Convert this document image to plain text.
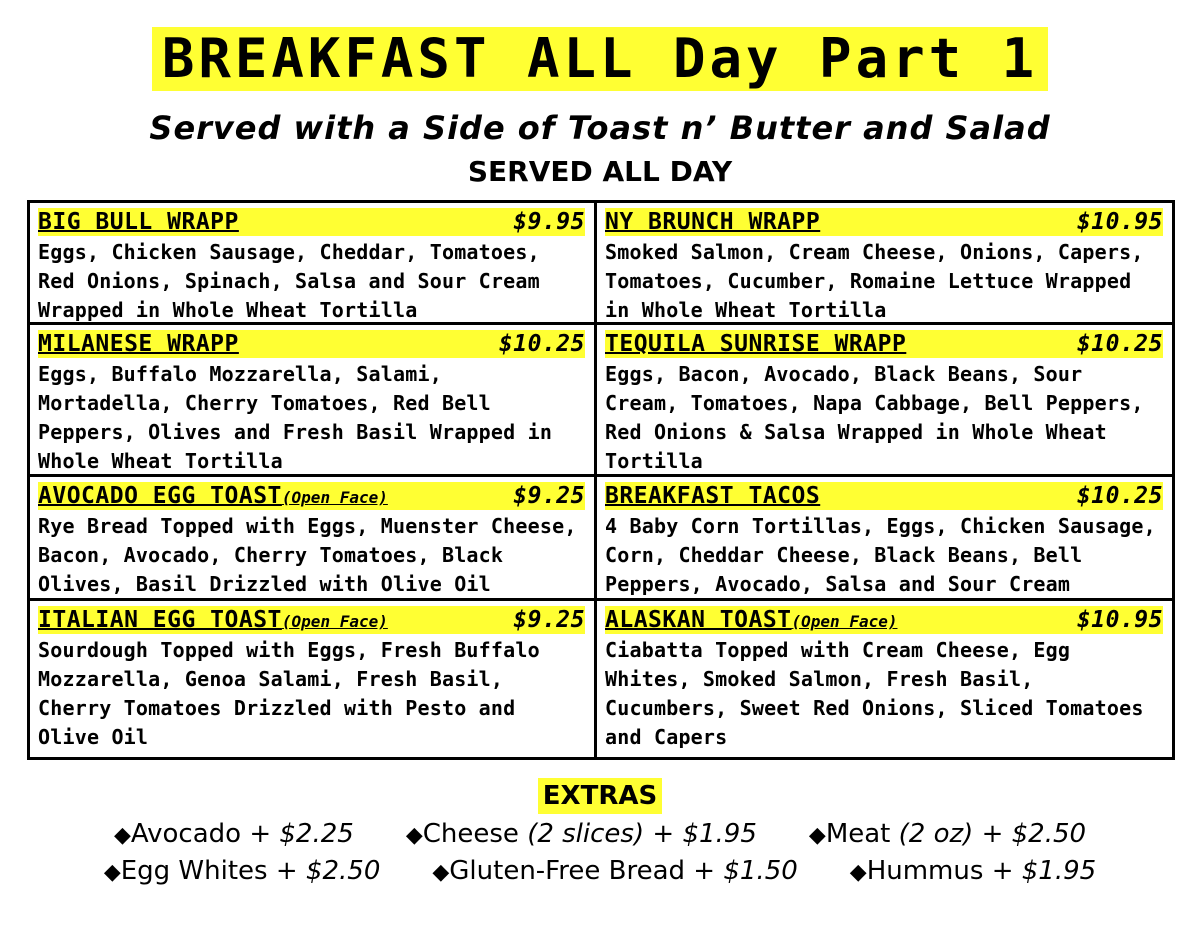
BREAKFAST ALL Day Part 1
Served with a Side of Toast n’ Butter and Salad
SERVED ALL DAY
BIG BULL WRAPP	$9.95
Eggs, Chicken Sausage, Cheddar, Tomatoes, Red Onions, Spinach, Salsa and Sour Cream Wrapped in Whole Wheat Tortilla
NY BRUNCH WRAPP	$10.95
Smoked Salmon, Cream Cheese, Onions, Capers, Tomatoes, Cucumber, Romaine Lettuce Wrapped in Whole Wheat Tortilla
MILANESE WRAPP	$10.25
Eggs, Buffalo Mozzarella, Salami, Mortadella, Cherry Tomatoes, Red Bell Peppers, Olives and Fresh Basil Wrapped in Whole Wheat Tortilla
TEQUILA SUNRISE WRAPP	$10.25
Eggs, Bacon, Avocado, Black Beans, Sour Cream, Tomatoes, Napa Cabbage, Bell Peppers, Red Onions & Salsa Wrapped in Whole Wheat Tortilla
AVOCADO EGG TOAST(Open Face)	$9.25
Rye Bread Topped with Eggs, Muenster Cheese, Bacon, Avocado, Cherry Tomatoes, Black Olives, Basil Drizzled with Olive Oil
BREAKFAST TACOS	$10.25
4 Baby Corn Tortillas, Eggs, Chicken Sausage, Corn, Cheddar Cheese, Black Beans, Bell Peppers, Avocado, Salsa and Sour Cream
ITALIAN EGG TOAST(Open Face)	$9.25
Sourdough Topped with Eggs, Fresh Buffalo Mozzarella, Genoa Salami, Fresh Basil, Cherry Tomatoes Drizzled with Pesto and Olive Oil
ALASKAN TOAST(Open Face)	$10.95
Ciabatta Topped with Cream Cheese, Egg Whites, Smoked Salmon, Fresh Basil, Cucumbers, Sweet Red Onions, Sliced Tomatoes and Capers
EXTRAS
◆Avocado + $2.25 ◆Cheese (2 slices) + $1.95 ◆Meat (2 oz) + $2.50
◆Egg Whites + $2.50 ◆Gluten-Free Bread + $1.50 ◆Hummus + $1.95
